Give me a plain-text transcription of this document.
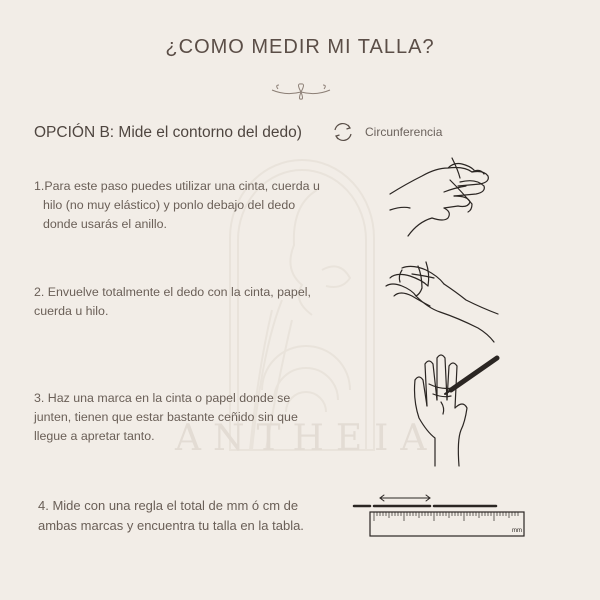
¿COMO MEDIR MI TALLA?
ANTHEIA
OPCIÓN B: Mide el contorno del dedo)	Circunferencia

1.Para este paso puedes utilizar una cinta, cuerda u

hilo (no muy elástico) y ponlo debajo del dedo

donde usarás el anillo.

2. Envuelve totalmente el dedo con la cinta, papel,

cuerda u hilo.

3. Haz una marca en la cinta o papel donde se

junten, tienen que estar bastante ceñido sin que

llegue a apretar tanto.

4. Mide con una regla el total de mm ó cm de

ambas marcas y encuentra tu talla en la tabla.	mm
